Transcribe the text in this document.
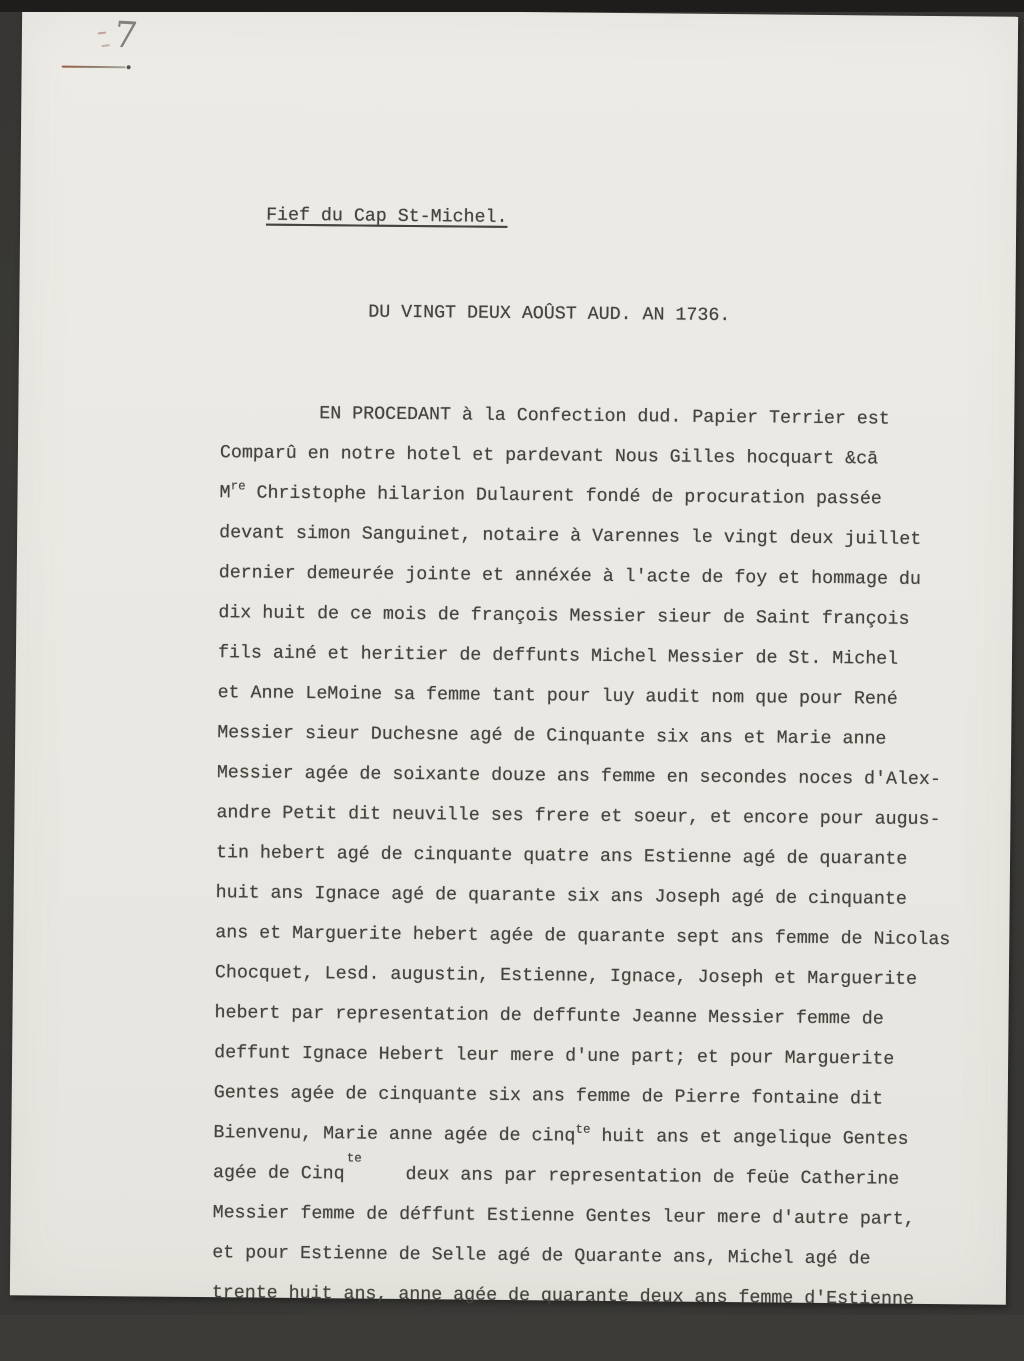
7

Fief du Cap St-Michel.

DU VINGT DEUX AOÛST AUD. AN 1736.

EN PROCEDANT à la Confection dud. Papier Terrier est
Comparû en notre hotel et pardevant Nous Gilles hocquart &cā
Mre Christophe hilarion Dulaurent fondé de procuration passée
devant simon Sanguinet, notaire à Varennes le vingt deux juillet
dernier demeurée jointe et annéxée à l'acte de foy et hommage du
dix huit de ce mois de françois Messier sieur de Saint françois
fils ainé et heritier de deffunts Michel Messier de St. Michel
et Anne LeMoine sa femme tant pour luy audit nom que pour René
Messier sieur Duchesne agé de Cinquante six ans et Marie anne
Messier agée de soixante douze ans femme en secondes noces d'Alex-
andre Petit dit neuville ses frere et soeur, et encore pour augus-
tin hebert agé de cinquante quatre ans Estienne agé de quarante
huit ans Ignace agé de quarante six ans Joseph agé de cinquante
ans et Marguerite hebert agée de quarante sept ans femme de Nicolas
Chocquet, Lesd. augustin, Estienne, Ignace, Joseph et Marguerite
hebert par representation de deffunte Jeanne Messier femme de
deffunt Ignace Hebert leur mere d'une part; et pour Marguerite
Gentes agée de cinquante six ans femme de Pierre fontaine dit
Bienvenu, Marie anne agée de cinq$^{te}$ huit ans et angelique Gentes
agée de Cinq$^{te}$    deux ans par representation de feüe Catherine
Messier femme de déffunt Estienne Gentes leur mere d'autre part,
et pour Estienne de Selle agé de Quarante ans, Michel agé de
trente huit ans, anne agée de quarante deux ans femme d'Estienne
